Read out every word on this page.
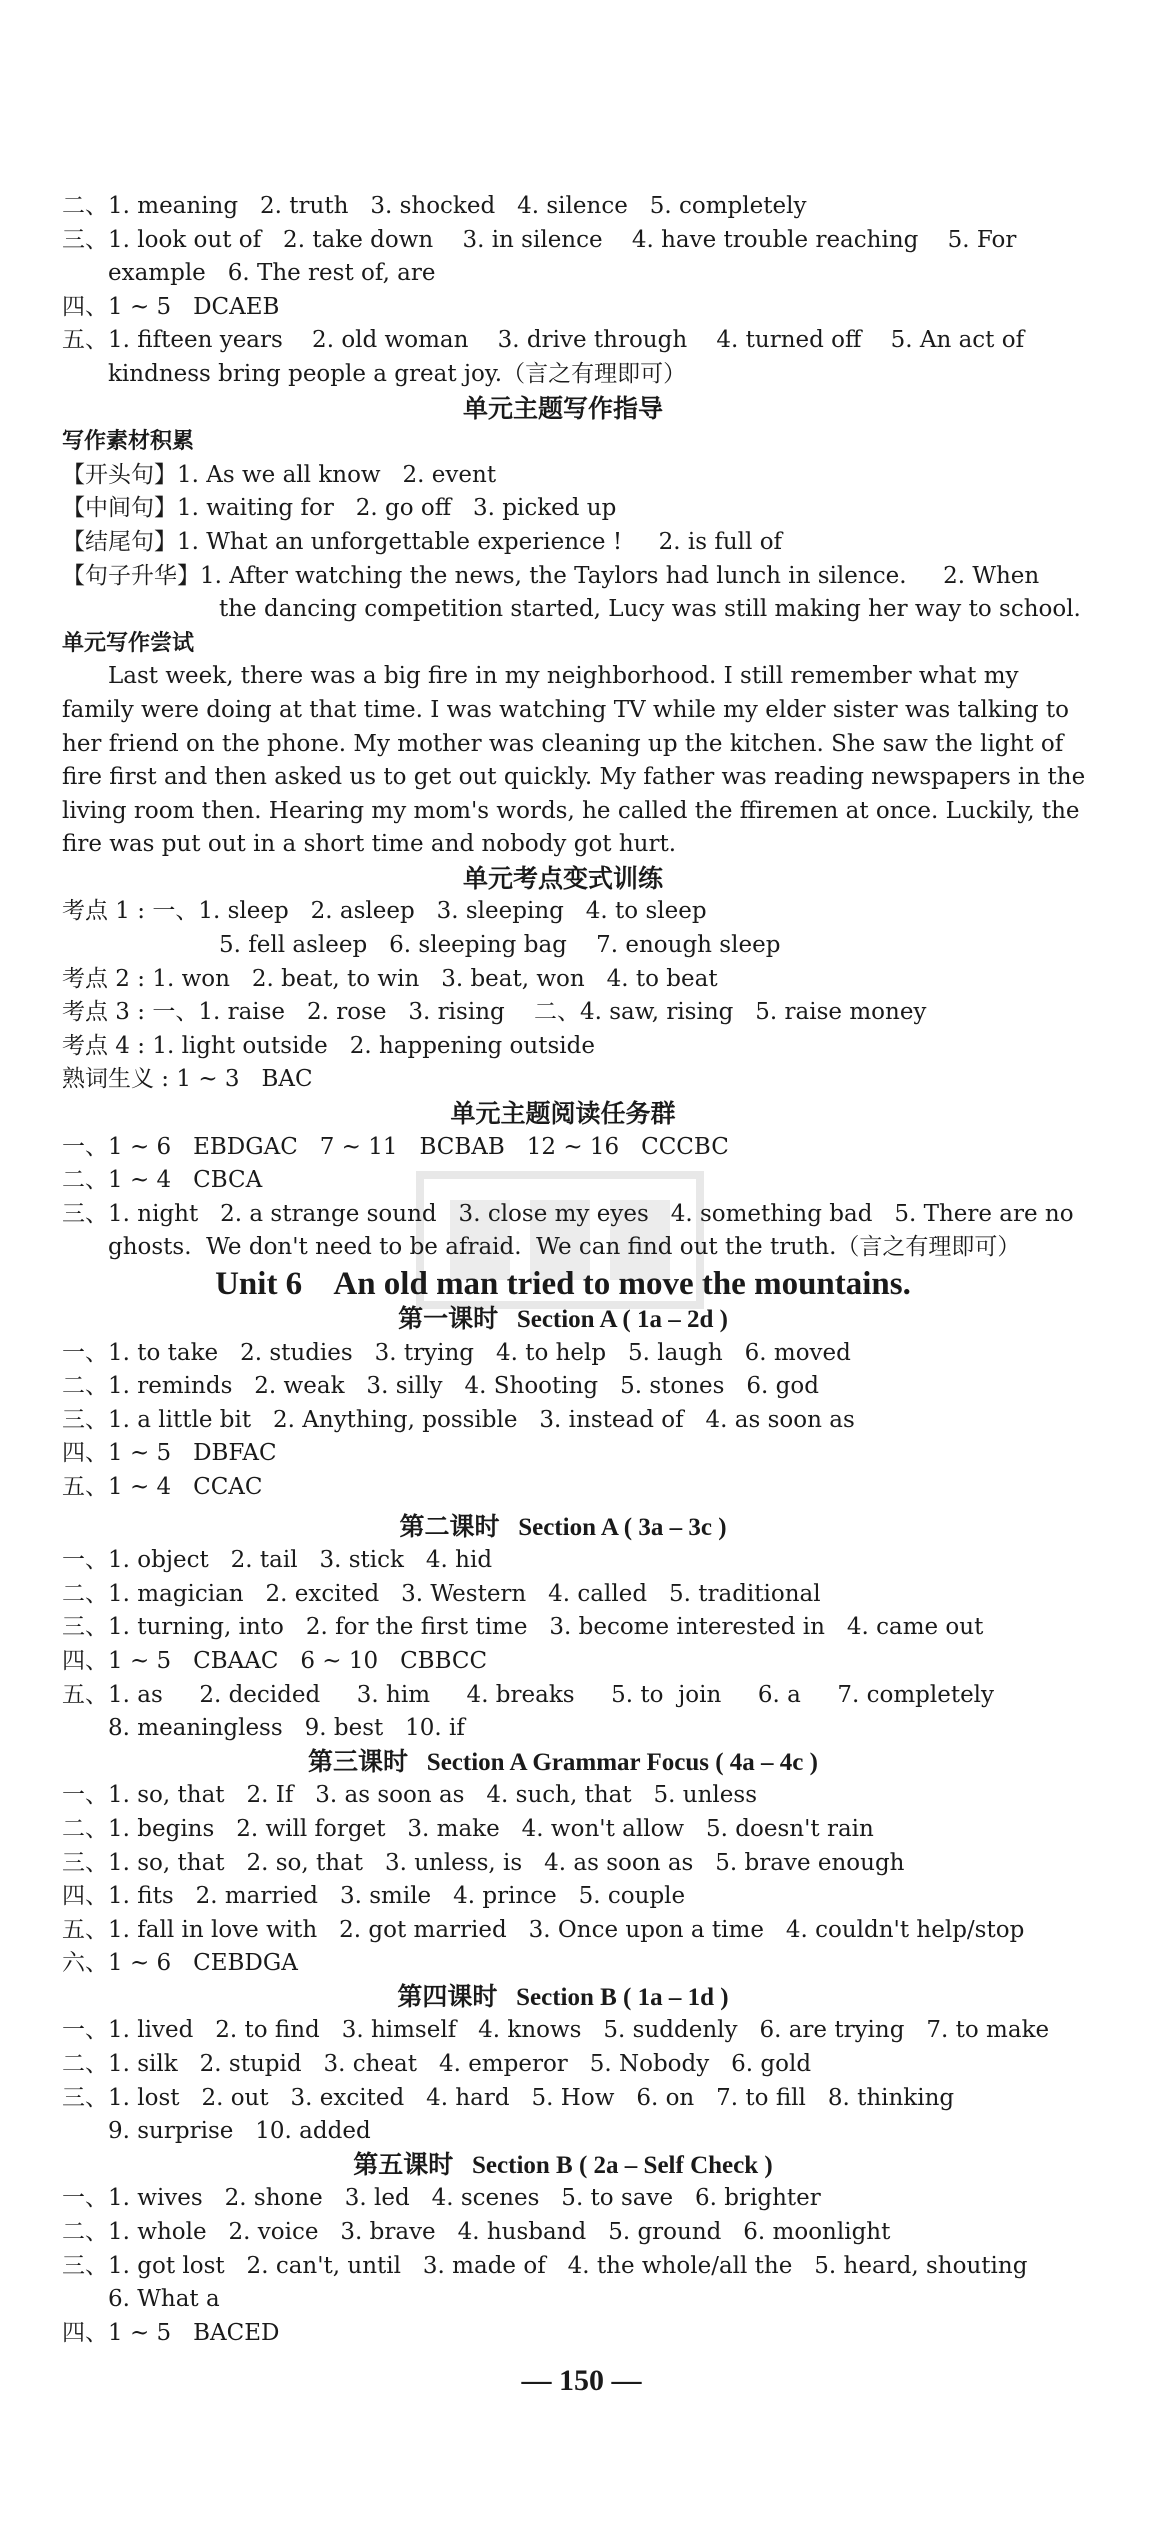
二、1. meaning   2. truth   3. shocked   4. silence   5. completely
三、1. look out of   2. take down    3. in silence    4. have trouble reaching    5. For
example   6. The rest of, are
四、1 ~ 5   DCAEB
五、1. fifteen years    2. old woman    3. drive through    4. turned off    5. An act of
kindness bring people a great joy.（言之有理即可）
单元主题写作指导
写作素材积累
【开头句】1. As we all know   2. event
【中间句】1. waiting for   2. go off   3. picked up
【结尾句】1. What an unforgettable experience !     2. is full of
【句子升华】1. After watching the news, the Taylors had lunch in silence.     2. When
the dancing competition started, Lucy was still making her way to school.
单元写作尝试
Last week, there was a big fire in my neighborhood. I still remember what my
family were doing at that time. I was watching TV while my elder sister was talking to
her friend on the phone. My mother was cleaning up the kitchen. She saw the light of
fire first and then asked us to get out quickly. My father was reading newspapers in the
living room then. Hearing my mom's words, he called the ffiremen at once. Luckily, the
fire was put out in a short time and nobody got hurt.
单元考点变式训练
考点 1 : 一、1. sleep   2. asleep   3. sleeping   4. to sleep
5. fell asleep   6. sleeping bag    7. enough sleep
考点 2 : 1. won   2. beat, to win   3. beat, won   4. to beat
考点 3 : 一、1. raise   2. rose   3. rising    二、4. saw, rising   5. raise money
考点 4 : 1. light outside   2. happening outside
熟词生义 : 1 ~ 3   BAC
单元主题阅读任务群
一、1 ~ 6   EBDGAC   7 ~ 11   BCBAB   12 ~ 16   CCCBC
二、1 ~ 4   CBCA
三、1. night   2. a strange sound   3. close my eyes   4. something bad   5. There are no
ghosts.  We don't need to be afraid.  We can find out the truth.（言之有理即可）
Unit 6    An old man tried to move the mountains.
第一课时   Section A ( 1a – 2d )
一、1. to take   2. studies   3. trying   4. to help   5. laugh   6. moved
二、1. reminds   2. weak   3. silly   4. Shooting   5. stones   6. god
三、1. a little bit   2. Anything, possible   3. instead of   4. as soon as
四、1 ~ 5   DBFAC
五、1 ~ 4   CCAC
第二课时   Section A ( 3a – 3c )
一、1. object   2. tail   3. stick   4. hid
二、1. magician   2. excited   3. Western   4. called   5. traditional
三、1. turning, into   2. for the first time   3. become interested in   4. came out
四、1 ~ 5   CBAAC   6 ~ 10   CBBCC
五、1. as     2. decided     3. him     4. breaks     5. to  join     6. a     7. completely
8. meaningless   9. best   10. if
第三课时   Section A Grammar Focus ( 4a – 4c )
一、1. so, that   2. If   3. as soon as   4. such, that   5. unless
二、1. begins   2. will forget   3. make   4. won't allow   5. doesn't rain
三、1. so, that   2. so, that   3. unless, is   4. as soon as   5. brave enough
四、1. fits   2. married   3. smile   4. prince   5. couple
五、1. fall in love with   2. got married   3. Once upon a time   4. couldn't help/stop
六、1 ~ 6   CEBDGA
第四课时   Section B ( 1a – 1d )
一、1. lived   2. to find   3. himself   4. knows   5. suddenly   6. are trying   7. to make
二、1. silk   2. stupid   3. cheat   4. emperor   5. Nobody   6. gold
三、1. lost   2. out   3. excited   4. hard   5. How   6. on   7. to fill   8. thinking
9. surprise   10. added
第五课时   Section B ( 2a – Self Check )
一、1. wives   2. shone   3. led   4. scenes   5. to save   6. brighter
二、1. whole   2. voice   3. brave   4. husband   5. ground   6. moonlight
三、1. got lost   2. can't, until   3. made of   4. the whole/all the   5. heard, shouting
6. What a
四、1 ~ 5   BACED
— 150 —
